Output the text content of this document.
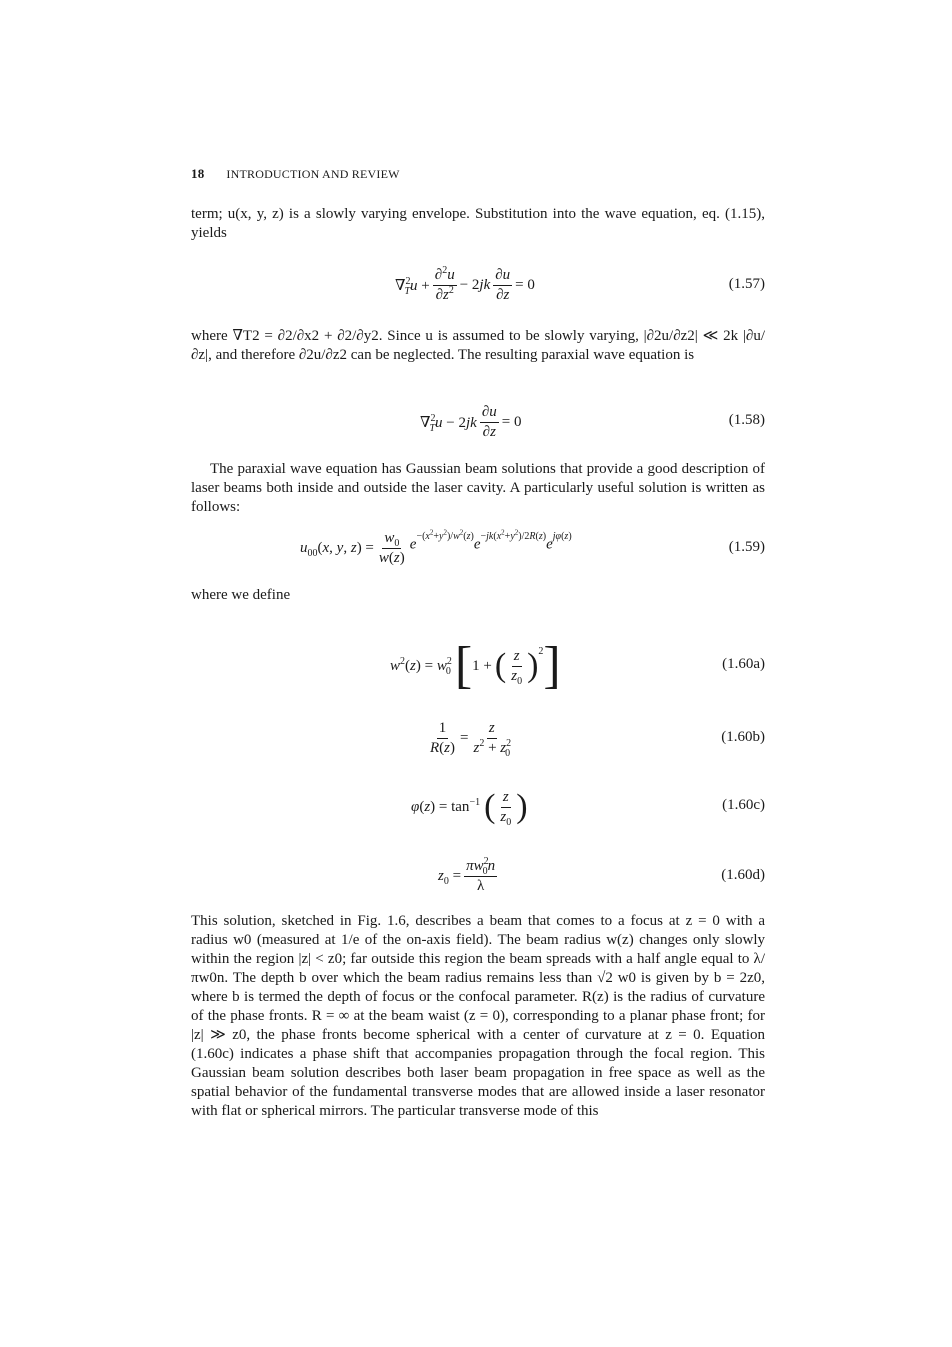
18 INTRODUCTION AND REVIEW

term; u(x, y, z) is a slowly varying envelope. Substitution into the wave equation, eq. (1.15), yields

$\nabla^2_Tu + \frac{\partial^2u}{\partial z^2} - 2jk \frac{\partial u}{\partial z} = 0$	(1.57)

where ∇T2 = ∂2/∂x2 + ∂2/∂y2. Since u is assumed to be slowly varying, |∂2u/∂z2| ≪ 2k |∂u/∂z|, and therefore ∂2u/∂z2 can be neglected. The resulting paraxial wave equation is

$\nabla^2_Tu - 2jk \frac{\partial u}{\partial z} = 0$	(1.58)

The paraxial wave equation has Gaussian beam solutions that provide a good description of laser beams both inside and outside the laser cavity. A particularly useful solution is written as follows:

$u_{00}(x$, y, $z) = \frac{w_0}{w(z)} e^{-(x^2+y^2)/w^2(z)}e^{-jk(x^2+y^2)/2R(z)}e^{j\varphi(z)}$
(1.59)

where we define

$w^2(z) = w^2_0$ [ 1 + ( $\frac{z}{z_0} )^2$ ]	(1.60a)
$\frac{1}{R(z)} = \frac{z}{z^2 + z^2_0}$	(1.60b)
$\varphi(z) = \tan^{-1}$ ( $\frac{z}{z_0}$ )	(1.60c)
$z_0 = \frac{\pi w^2_0n}{\lambda}$	(1.60d)

This solution, sketched in Fig. 1.6, describes a beam that comes to a focus at z = 0 with a radius w0 (measured at 1/e of the on-axis field). The beam radius w(z) changes only slowly within the region |z| < z0; far outside this region the beam spreads with a half angle equal to λ/πw0n. The depth b over which the beam radius remains less than √2 w0 is given by b = 2z0, where b is termed the depth of focus or the confocal parameter. R(z) is the radius of curvature of the phase fronts. R = ∞ at the beam waist (z = 0), corresponding to a planar phase front; for |z| ≫ z0, the phase fronts become spherical with a center of curvature at z = 0. Equation (1.60c) indicates a phase shift that accompanies propagation through the focal region. This Gaussian beam solution describes both laser beam propagation in free space as well as the spatial behavior of the fundamental transverse modes that are allowed inside a laser resonator with flat or spherical mirrors. The particular transverse mode of this
